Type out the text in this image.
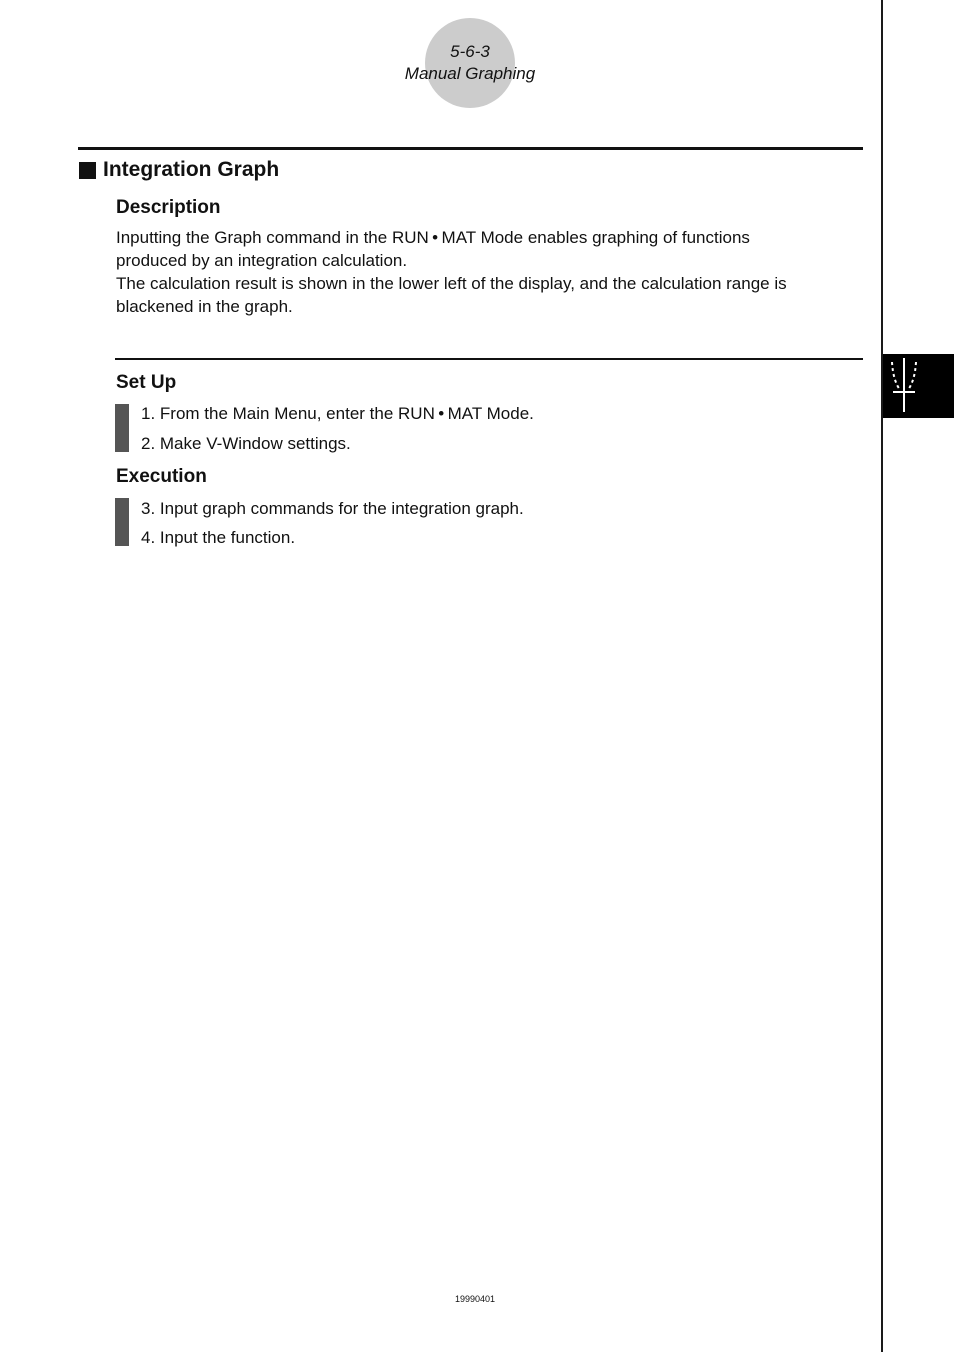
5-6-3
Manual Graphing
Integration Graph
Description
Inputting the Graph command in the RUN • MAT Mode enables graphing of functions
produced by an integration calculation.
The calculation result is shown in the lower left of the display, and the calculation range is
blackened in the graph.
Set Up
1. From the Main Menu, enter the RUN • MAT Mode.
2. Make V-Window settings.
Execution
3. Input graph commands for the integration graph.
4. Input the function.
19990401
